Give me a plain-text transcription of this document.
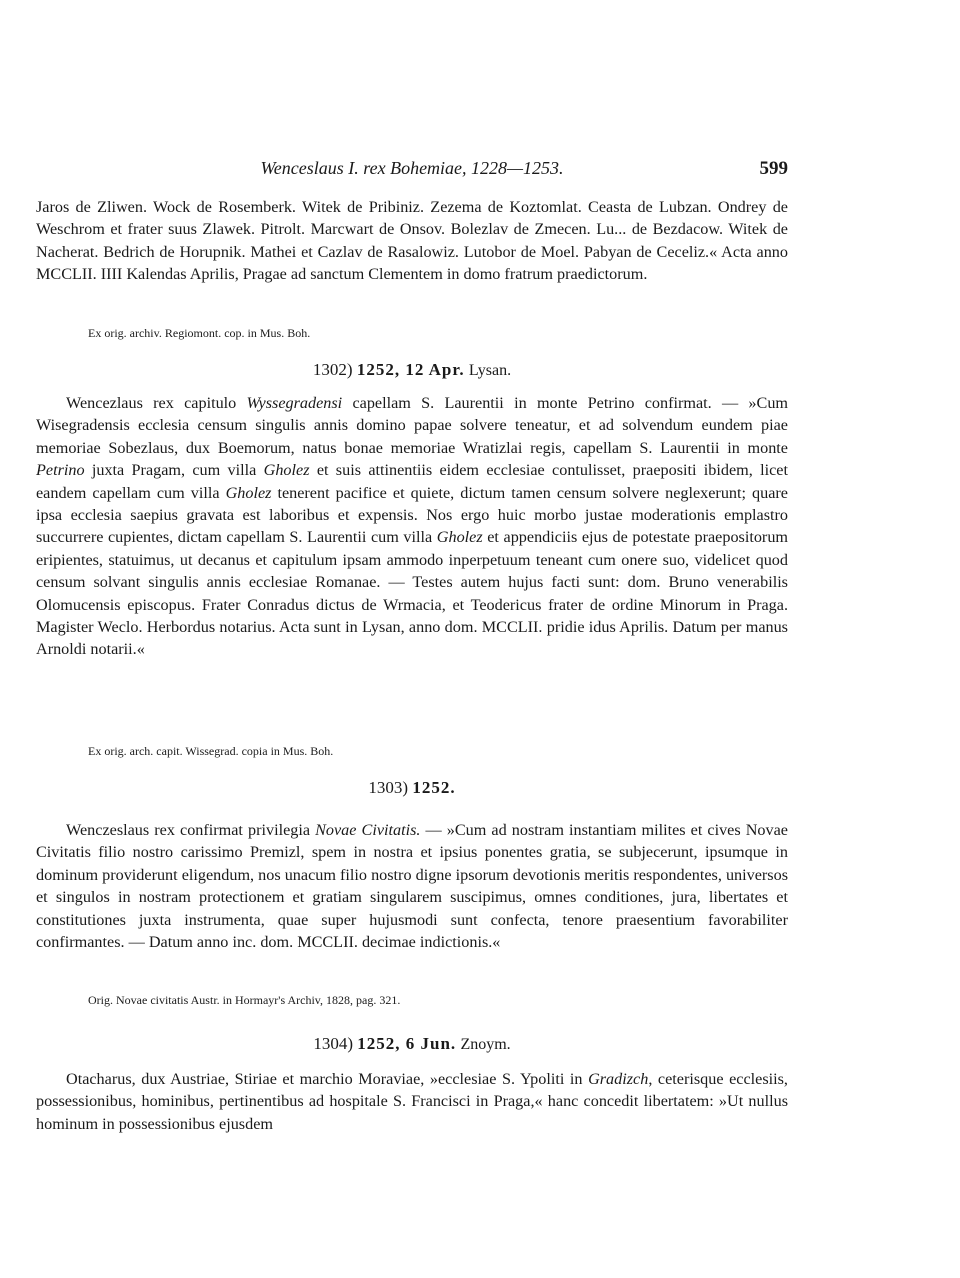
Wenceslaus I. rex Bohemiae, 1228—1253.	599
Jaros de Zliwen. Wock de Rosemberk. Witek de Pribiniz. Zezema de Koztomlat. Ceasta de Lubzan. Ondrey de Weschrom et frater suus Zlawek. Pitrolt. Marcwart de Onsov. Bolezlav de Zmecen. Lu... de Bezdacow. Witek de Nacherat. Bedrich de Horupnik. Mathei et Cazlav de Rasalowiz. Lutobor de Moel. Pabyan de Ceceliz.« Acta anno MCCLII. IIII Kalendas Aprilis, Pragae ad sanctum Clementem in domo fratrum praedictorum.
Ex orig. archiv. Regiomont. cop. in Mus. Boh.
1302) 1252, 12 Apr. Lysan.
Wencezlaus rex capitulo Wyssegradensi capellam S. Laurentii in monte Petrino confirmat. — »Cum Wisegradensis ecclesia censum singulis annis domino papae solvere teneatur, et ad solvendum eundem piae memoriae Sobezlaus, dux Boemorum, natus bonae memoriae Wratizlai regis, capellam S. Laurentii in monte Petrino juxta Pragam, cum villa Gholez et suis attinentiis eidem ecclesiae contulisset, praepositi ibidem, licet eandem capellam cum villa Gholez tenerent pacifice et quiete, dictum tamen censum solvere neglexerunt; quare ipsa ecclesia saepius gravata est laboribus et expensis. Nos ergo huic morbo justae moderationis emplastro succurrere cupientes, dictam capellam S. Laurentii cum villa Gholez et appendiciis ejus de potestate praepositorum eripientes, statuimus, ut decanus et capitulum ipsam ammodo inperpetuum teneant cum onere suo, videlicet quod censum solvant singulis annis ecclesiae Romanae. — Testes autem hujus facti sunt: dom. Bruno venerabilis Olomucensis episcopus. Frater Conradus dictus de Wrmacia, et Teodericus frater de ordine Minorum in Praga. Magister Weclo. Herbordus notarius. Acta sunt in Lysan, anno dom. MCCLII. pridie idus Aprilis. Datum per manus Arnoldi notarii.«
Ex orig. arch. capit. Wissegrad. copia in Mus. Boh.
1303) 1252.
Wenczeslaus rex confirmat privilegia Novae Civitatis. — »Cum ad nostram instantiam milites et cives Novae Civitatis filio nostro carissimo Premizl, spem in nostra et ipsius ponentes gratia, se subjecerunt, ipsumque in dominum providerunt eligendum, nos unacum filio nostro digne ipsorum devotionis meritis respondentes, universos et singulos in nostram protectionem et gratiam singularem suscipimus, omnes conditiones, jura, libertates et constitutiones juxta instrumenta, quae super hujusmodi sunt confecta, tenore praesentium favorabiliter confirmantes. — Datum anno inc. dom. MCCLII. decimae indictionis.«
Orig. Novae civitatis Austr. in Hormayr's Archiv, 1828, pag. 321.
1304) 1252, 6 Jun. Znoym.
Otacharus, dux Austriae, Stiriae et marchio Moraviae, »ecclesiae S. Ypoliti in Gradizch, ceterisque ecclesiis, possessionibus, hominibus, pertinentibus ad hospitale S. Francisci in Praga,« hanc concedit libertatem: »Ut nullus hominum in possessionibus ejusdem
